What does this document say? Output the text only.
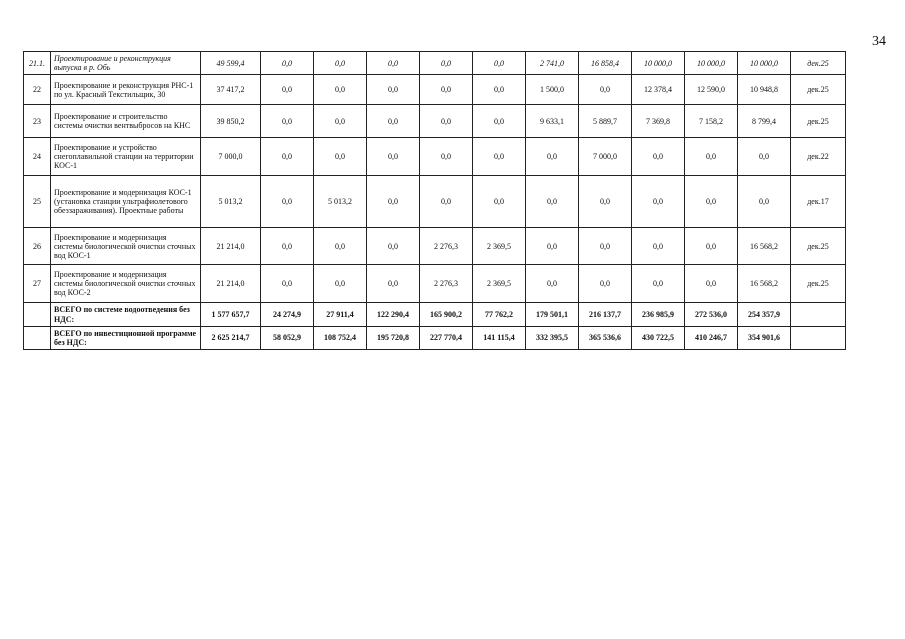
34
21.1.	Проектирование и реконструкция выпуска в р. Обь	49 599,4	0,0	0,0	0,0	0,0	0,0	2 741,0	16 858,4	10 000,0	10 000,0	10 000,0	дек.25
22	Проектирование и реконструкция РНС-1 по ул. Красный Текстильщик, 30	37 417,2	0,0	0,0	0,0	0,0	0,0	1 500,0	0,0	12 378,4	12 590,0	10 948,8	дек.25
23	Проектирование и строительство системы очистки вентвыбросов на КНС	39 850,2	0,0	0,0	0,0	0,0	0,0	9 633,1	5 889,7	7 369,8	7 158,2	8 799,4	дек.25
24	Проектирование и устройство снегоплавильной станции на территории КОС-1	7 000,0	0,0	0,0	0,0	0,0	0,0	0,0	7 000,0	0,0	0,0	0,0	дек.22
25	Проектирование и модернизация КОС-1 (установка станции ультрафиолетового обеззараживания). Проектные работы	5 013,2	0,0	5 013,2	0,0	0,0	0,0	0,0	0,0	0,0	0,0	0,0	дек.17
26	Проектирование и модернизация системы биологической очистки сточных вод КОС-1	21 214,0	0,0	0,0	0,0	2 276,3	2 369,5	0,0	0,0	0,0	0,0	16 568,2	дек.25
27	Проектирование и модернизация системы биологической очистки сточных вод КОС-2	21 214,0	0,0	0,0	0,0	2 276,3	2 369,5	0,0	0,0	0,0	0,0	16 568,2	дек.25
	ВСЕГО по системе водоотведения без НДС:	1 577 657,7	24 274,9	27 911,4	122 290,4	165 900,2	77 762,2	179 501,1	216 137,7	236 985,9	272 536,0	254 357,9	
	ВСЕГО по инвестиционной программе без НДС:	2 625 214,7	58 052,9	108 752,4	195 720,8	227 770,4	141 115,4	332 395,5	365 536,6	430 722,5	410 246,7	354 901,6	
